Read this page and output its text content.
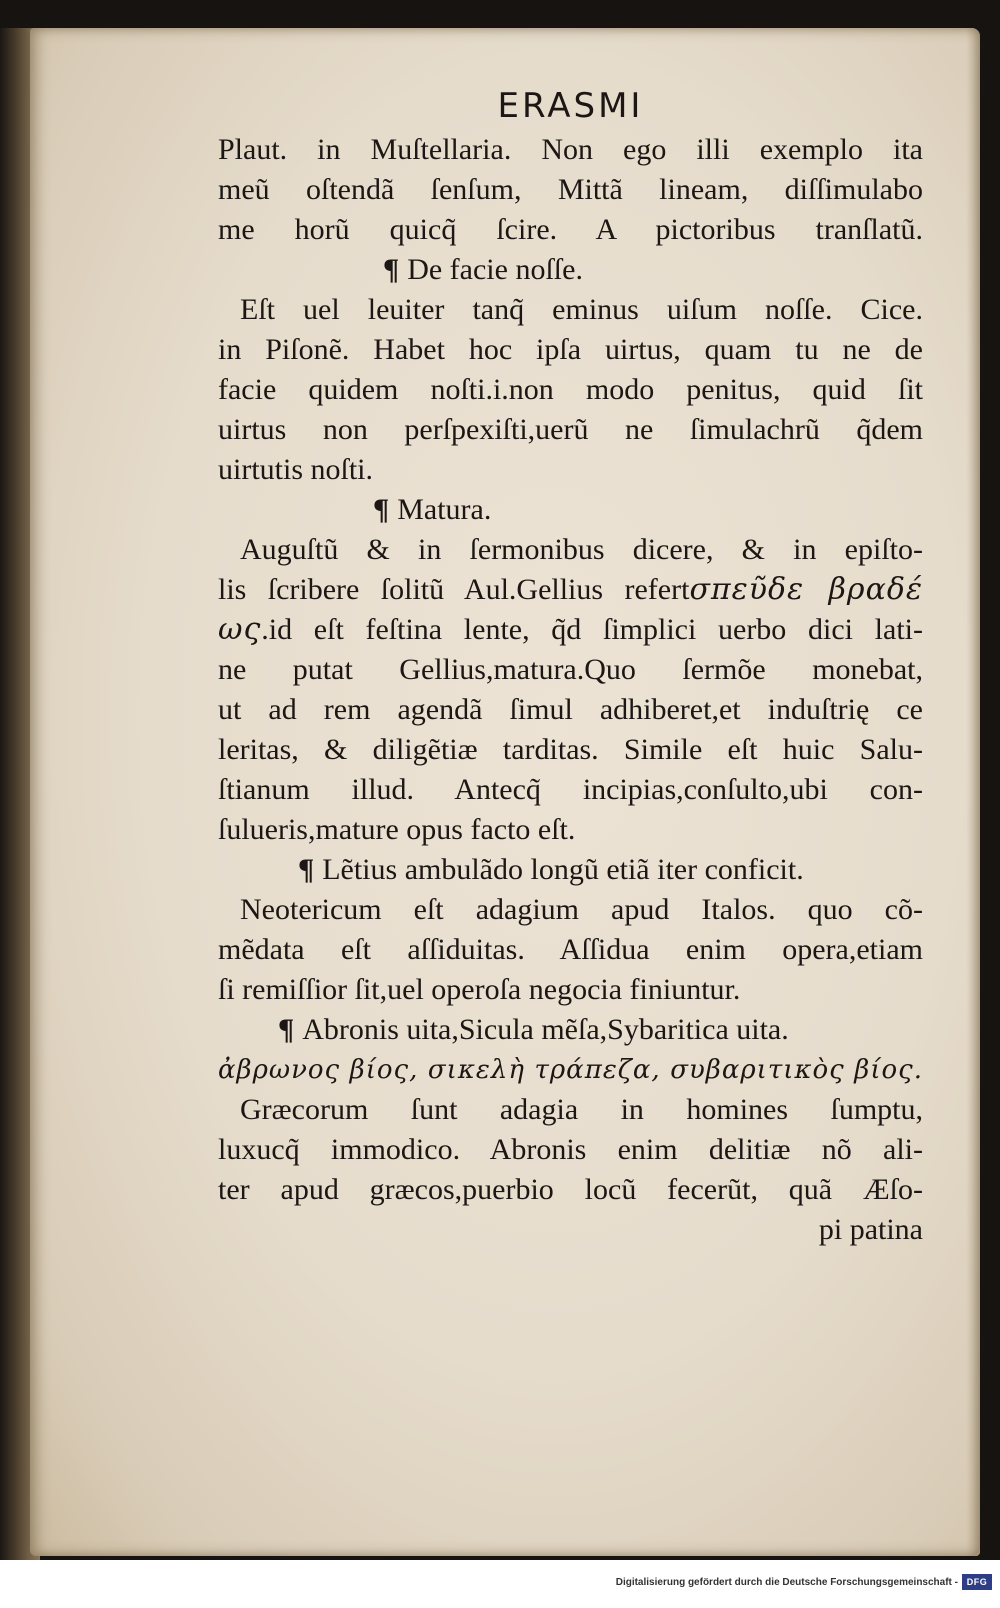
ERASMI
Plaut. in Muſtellaria. Non ego illi exemplo ita
meũ oſtendã ſenſum, Mittã lineam, diſſimulabo
me horũ quicq̃ ſcire. A pictoribus tranſlatũ.
¶ De facie noſſe.
Eſt uel leuiter tanq̃ eminus uiſum noſſe. Cice.
in Piſonẽ. Habet hoc ipſa uirtus, quam tu ne de
facie quidem noſti.i.non modo penitus, quid ſit
uirtus non perſpexiſti,uerũ ne ſimulachrũ q̃dem
uirtutis noſti.
¶ Matura.
Auguſtũ & in ſermonibus dicere, & in epiſto-
lis ſcribere ſolitũ Aul.Gellius refertσπεῦδε βραδέ
ως.id eſt feſtina lente, q̃d ſimplici uerbo dici lati-
ne putat Gellius,matura.Quo ſermõe monebat,
ut ad rem agendã ſimul adhiberet,et induſtrię ce
leritas, & diligẽtiæ tarditas. Simile eſt huic Salu-
ſtianum illud. Antecq̃ incipias,conſulto,ubi con-
ſulueris,mature opus facto eſt.
¶ Lẽtius ambulãdo longũ etiã iter conficit.
Neotericum eſt adagium apud Italos. quo cõ-
mẽdata eſt aſſiduitas. Aſſidua enim opera,etiam
ſi remiſſior ſit,uel operoſa negocia finiuntur.
¶ Abronis uita,Sicula mẽſa,Sybaritica uita.
ἀβρωνος βίος, σικελὴ τράπεζα, συβαριτικὸς βίος.
Græcorum ſunt adagia in homines ſumptu,
luxucq̃ immodico. Abronis enim delitiæ nõ ali-
ter apud græcos,puerbio locũ fecerũt, quã Æſo-
pi patina
Digitalisierung gefördert durch die Deutsche Forschungsgemeinschaft - DFG
